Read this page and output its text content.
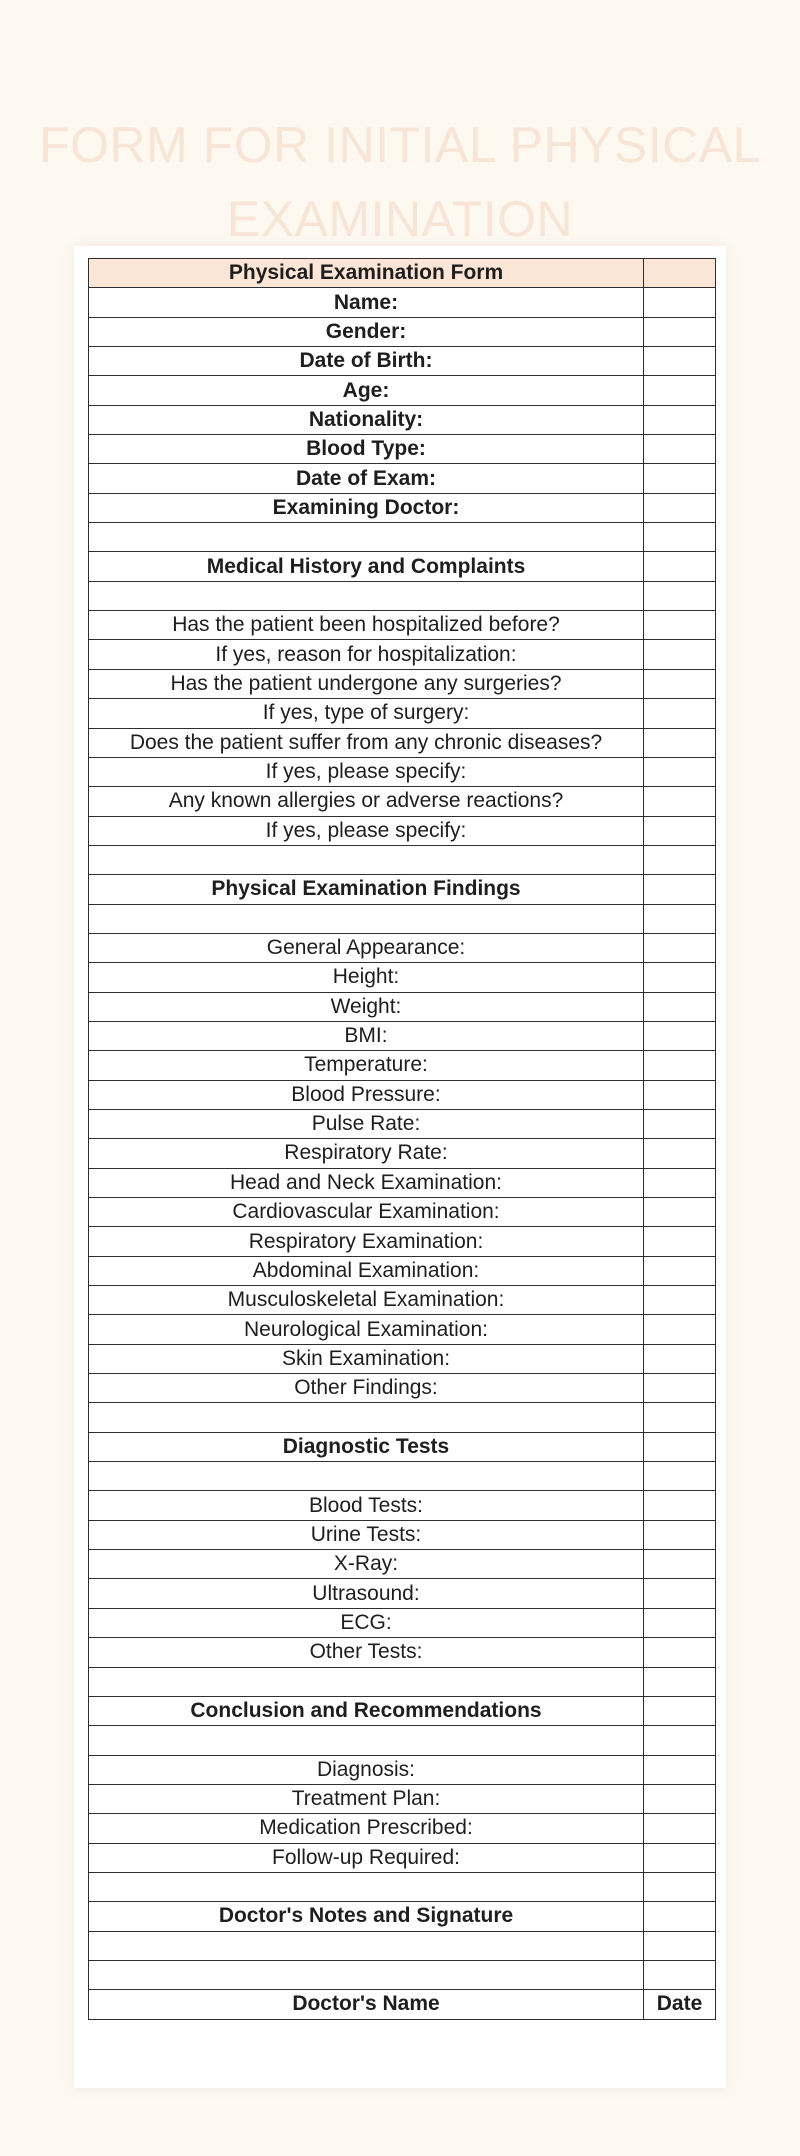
FORM FOR INITIAL PHYSICAL
EXAMINATION
Physical Examination Form	
Name:	
Gender:	
Date of Birth:	
Age:	
Nationality:	
Blood Type:	
Date of Exam:	
Examining Doctor:	

Medical History and Complaints	

Has the patient been hospitalized before?	
If yes, reason for hospitalization:	
Has the patient undergone any surgeries?	
If yes, type of surgery:	
Does the patient suffer from any chronic diseases?	
If yes, please specify:	
Any known allergies or adverse reactions?	
If yes, please specify:	

Physical Examination Findings	

General Appearance:	
Height:	
Weight:	
BMI:	
Temperature:	
Blood Pressure:	
Pulse Rate:	
Respiratory Rate:	
Head and Neck Examination:	
Cardiovascular Examination:	
Respiratory Examination:	
Abdominal Examination:	
Musculoskeletal Examination:	
Neurological Examination:	
Skin Examination:	
Other Findings:	

Diagnostic Tests	

Blood Tests:	
Urine Tests:	
X-Ray:	
Ultrasound:	
ECG:	
Other Tests:	

Conclusion and Recommendations	

Diagnosis:	
Treatment Plan:	
Medication Prescribed:	
Follow-up Required:	

Doctor's Notes and Signature	

Doctor's Name	Date
